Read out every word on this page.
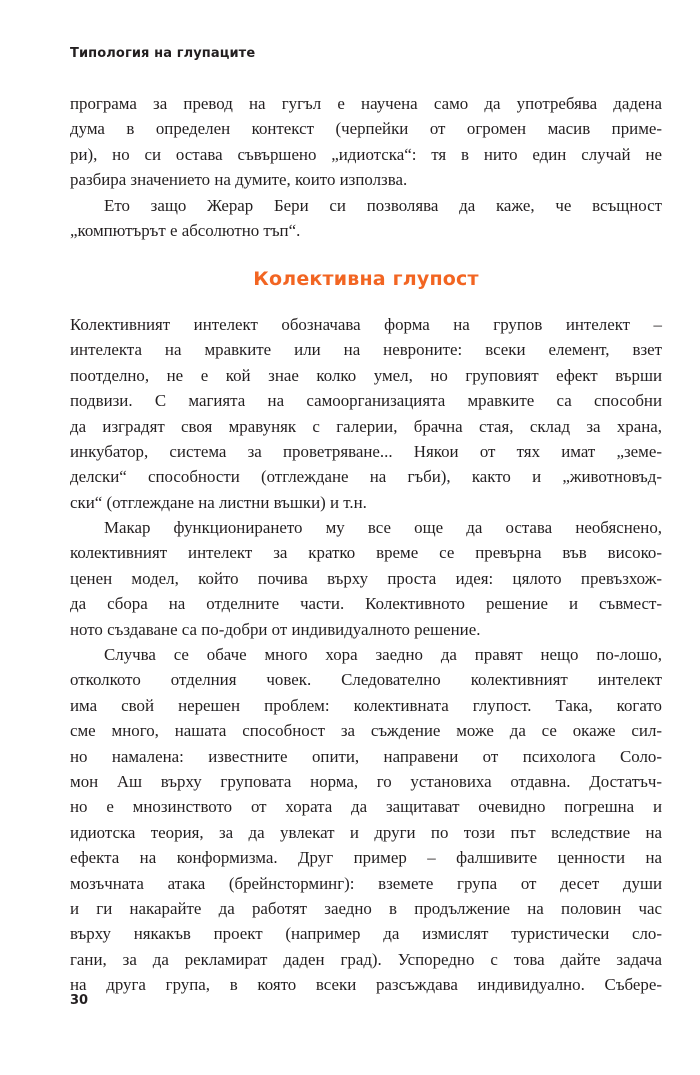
Типология на глупаците
програма за превод на гугъл е научена само да употребява дадена
дума в определен контекст (черпейки от огромен масив приме-
ри), но си остава съвършено „идиотска“: тя в нито един случай не
разбира значението на думите, които използва.
Ето защо Жерар Бери си позволява да каже, че всъщност
„компютърът е абсолютно тъп“.
Колективна глупост
Колективният интелект обозначава форма на групов интелект –
интелекта на мравките или на невроните: всеки елемент, взет
поотделно, не е кой знае колко умел, но груповият ефект върши
подвизи. С магията на самоорганизацията мравките са способни
да изградят своя мравуняк с галерии, брачна стая, склад за храна,
инкубатор, система за проветряване... Някои от тях имат „земе-
делски“ способности (отглеждане на гъби), както и „животновъд-
ски“ (отглеждане на листни въшки) и т.н.
Макар функционирането му все още да остава необяснено,
колективният интелект за кратко време се превърна във високо-
ценен модел, който почива върху проста идея: цялото превъзхож-
да сбора на отделните части. Колективното решение и съвмест-
ното създаване са по-добри от индивидуалното решение.
Случва се обаче много хора заедно да правят нещо по-лошо,
отколкото отделния човек. Следователно колективният интелект
има свой нерешен проблем: колективната глупост. Така, когато
сме много, нашата способност за съждение може да се окаже сил-
но намалена: известните опити, направени от психолога Соло-
мон Аш върху груповата норма, го установиха отдавна. Достатъч-
но е мнозинството от хората да защитават очевидно погрешна и
идиотска теория, за да увлекат и други по този път вследствие на
ефекта на конформизма. Друг пример – фалшивите ценности на
мозъчната атака (брейнсторминг): вземете група от десет души
и ги накарайте да работят заедно в продължение на половин час
върху някакъв проект (например да измислят туристически сло-
гани, за да рекламират даден град). Успоредно с това дайте задача
на друга група, в която всеки разсъждава индивидуално. Събере-
30
